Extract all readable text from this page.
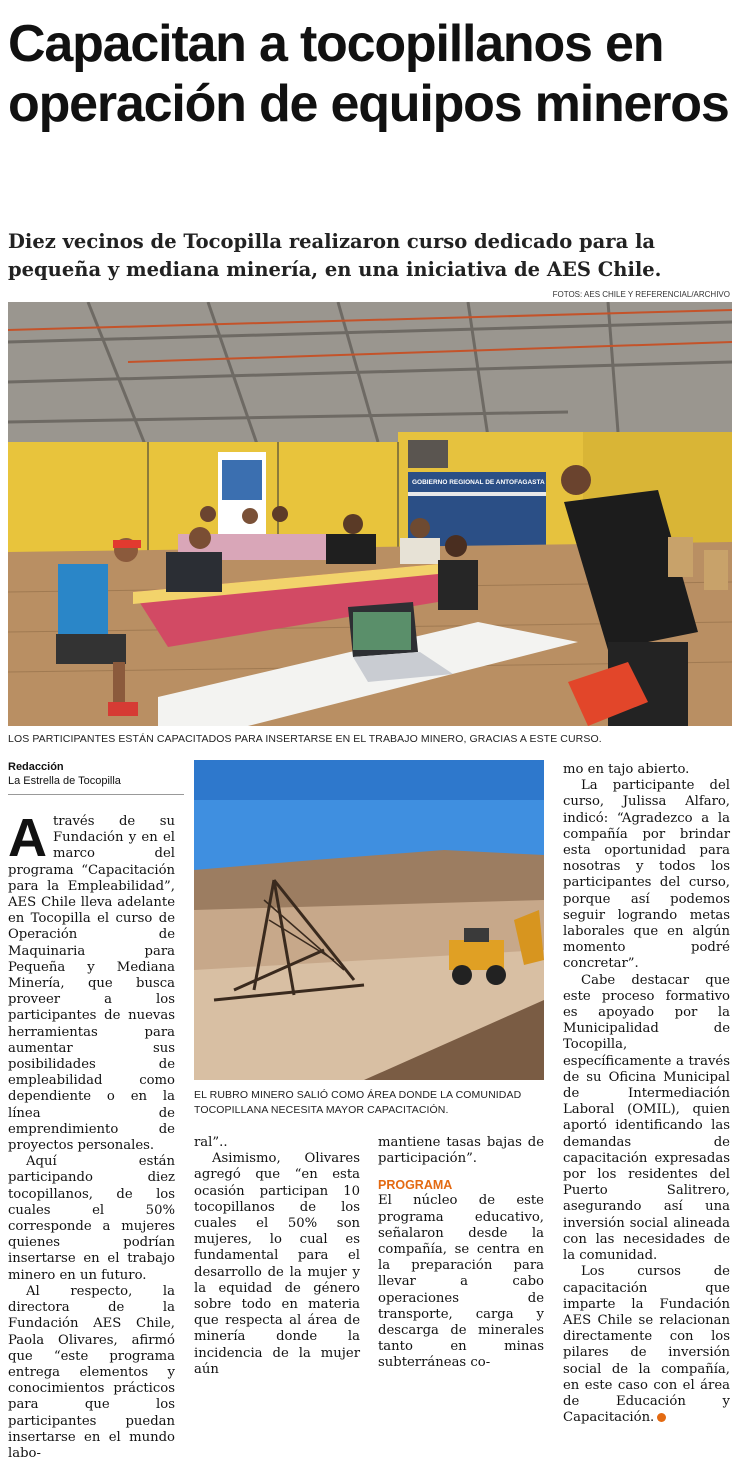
Capacitan a tocopillanos en operación de equipos mineros

Diez vecinos de Tocopilla realizaron curso dedicado para la pequeña y mediana minería, en una iniciativa de AES Chile.

FOTOS: AES CHILE Y REFERENCIAL/ARCHIVO
GOBIERNO REGIONAL DE ANTOFAGASTA
LOS PARTICIPANTES ESTÁN CAPACITADOS PARA INSERTARSE EN EL TRABAJO MINERO, GRACIAS A ESTE CURSO.
Redacción
La Estrella de Tocopilla

Através de su Fundación y en el marco del programa “Capacitación para la Empleabilidad”, AES Chile lleva adelante en Tocopilla el curso de Operación de Maquinaria para Pequeña y Mediana Minería, que busca proveer a los participantes de nuevas herramientas para aumentar sus posibilidades de empleabilidad como dependiente o en la línea de emprendimiento de proyectos personales.

Aquí están participando diez tocopillanos, de los cuales el 50% corresponde a mujeres quienes podrían insertarse en el trabajo minero en un futuro.

Al respecto, la directora de la Fundación AES Chile, Paola Olivares, afirmó que “este programa entrega elementos y conocimientos prácticos para que los participantes puedan insertarse en el mundo labo-

EL RUBRO MINERO SALIÓ COMO ÁREA DONDE LA COMUNIDAD TOCOPILLANA NECESITA MAYOR CAPACITACIÓN.

ral”..

Asimismo, Olivares agregó que “en esta ocasión participan 10 tocopillanos de los cuales el 50% son mujeres, lo cual es fundamental para el desarrollo de la mujer y la equidad de género sobre todo en materia que respecta al área de minería donde la incidencia de la mujer aún

mantiene tasas bajas de participación”.

PROGRAMA

El núcleo de este programa educativo, señalaron desde la compañía, se centra en la preparación para llevar a cabo operaciones de transporte, carga y descarga de minerales tanto en minas subterráneas co-

mo en tajo abierto.

La participante del curso, Julissa Alfaro, indicó: “Agradezco a la compañía por brindar esta oportunidad para nosotras y todos los participantes del curso, porque así podemos seguir logrando metas laborales que en algún momento podré concretar”.

Cabe destacar que este proceso formativo es apoyado por la Municipalidad de Tocopilla, específicamente a través de su Oficina Municipal de Intermediación Laboral (OMIL), quien aportó identificando las demandas de capacitación expresadas por los residentes del Puerto Salitrero, asegurando así una inversión social alineada con las necesidades de la comunidad.

Los cursos de capacitación que imparte la Fundación AES Chile se relacionan directamente con los pilares de inversión social de la compañía, en este caso con el área de Educación y Capacitación.
